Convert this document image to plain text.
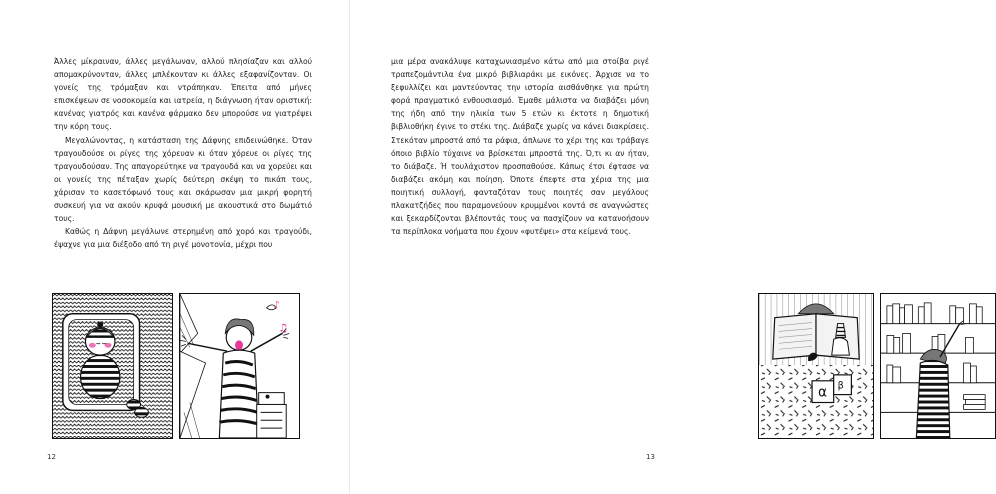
Άλλες μίκραιναν, άλλες μεγάλωναν, αλλού πλησίαζαν και αλλού απομακρύνονταν, άλλες μπλέκονταν κι άλλες εξαφανίζονταν. Οι γονείς της τρόμαξαν και ντράπηκαν. Έπειτα από μήνες επισκέψεων σε νοσοκομεία και ιατρεία, η διάγνωση ήταν οριστική: κανένας γιατρός και κανένα φάρμακο δεν μπορούσε να γιατρέψει την κόρη τους.

Μεγαλώνοντας, η κατάσταση της Δάφνης επιδεινώθηκε. Όταν τραγουδούσε οι ρίγες της χόρευαν κι όταν χόρευε οι ρίγες της τραγουδούσαν. Της απαγορεύτηκε να τραγουδά και να χορεύει και οι γονείς της πέταξαν χωρίς δεύτερη σκέψη το πικάπ τους, χάρισαν το κασετόφωνό τους και σκάρωσαν μια μικρή φορητή συσκευή για να ακούν κρυφά μουσική με ακουστικά στο δωμάτιό τους.

Καθώς η Δάφνη μεγάλωνε στερημένη από χορό και τραγούδι, έψαχνε για μια διέξοδο από τη ριγέ μονοτονία, μέχρι που

♪
♫
12

μια μέρα ανακάλυψε καταχωνιασμένο κάτω από μια στοίβα ριγέ τραπεζομάντιλα ένα μικρό βιβλιαράκι με εικόνες. Άρχισε να το ξεφυλλίζει και μαντεύοντας την ιστορία αισθάνθηκε για πρώτη φορά πραγματικό ενθουσιασμό. Έμαθε μάλιστα να διαβάζει μόνη της ήδη από την ηλικία των 5 ετών κι έκτοτε η δημοτική βιβλιοθήκη έγινε το στέκι της. Διάβαζε χωρίς να κάνει διακρίσεις. Στεκόταν μπροστά από τα ράφια, άπλωνε το χέρι της και τράβαγε όποιο βιβλίο τύχαινε να βρίσκεται μπροστά της. Ό,τι κι αν ήταν, το διάβαζε. Ή τουλάχιστον προσπαθούσε. Κάπως έτσι έφτασε να διαβάζει ακόμη και ποίηση. Όποτε έπεφτε στα χέρια της μια ποιητική συλλογή, φανταζόταν τους ποιητές σαν μεγάλους πλακατζήδες που παραμονεύουν κρυμμένοι κοντά σε αναγνώστες και ξεκαρδίζονται βλέποντάς τους να πασχίζουν να κατανοήσουν τα περίπλοκα νοήματα που έχουν «φυτέψει» στα κείμενά τους.

α β
13
